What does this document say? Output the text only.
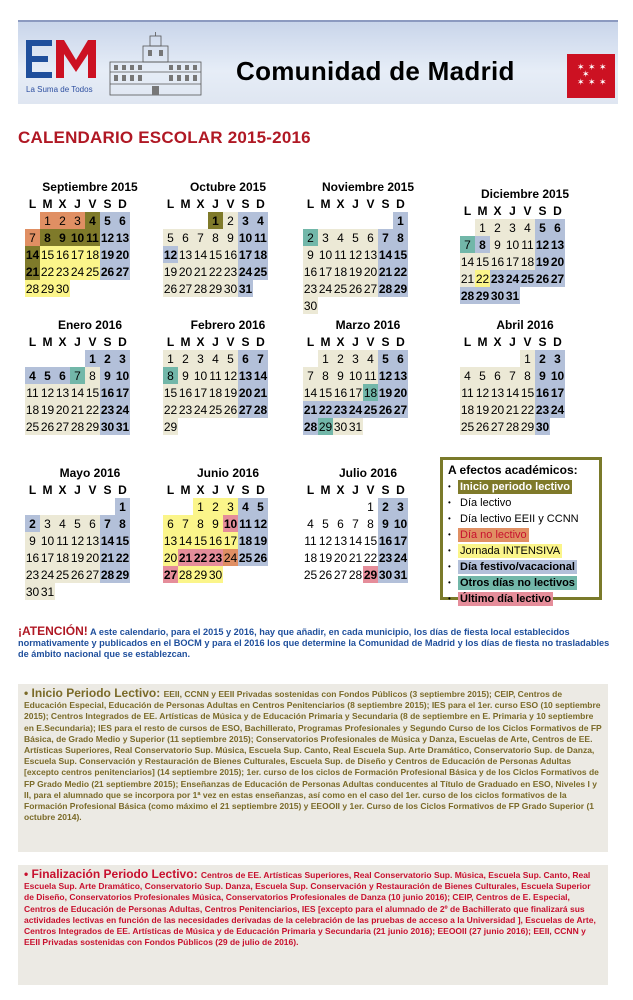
La Suma de Todos
Comunidad de Madrid	✶ ✶ ✶
✶ ✶ ✶
✶
CALENDARIO ESCOLAR 2015-2016
Septiembre 2015
L M X J V S D
1 2 3 4 5 6
7 8 9 10 11 12 13
14 15 16 17 18 19 20
21 22 23 24 25 26 27
28 29 30
Octubre 2015
L M X J V S D
1 2 3 4
5 6 7 8 9 10 11
12 13 14 15 16 17 18
19 20 21 22 23 24 25
26 27 28 29 30 31
Noviembre 2015
L M X J V S D
1
2 3 4 5 6 7 8
9 10 11 12 13 14 15
16 17 18 19 20 21 22
23 24 25 26 27 28 29
30
Diciembre 2015
L M X J V S D
1 2 3 4 5 6
7 8 9 10 11 12 13
14 15 16 17 18 19 20
21 22 23 24 25 26 27
28 29 30 31
Enero 2016
L M X J V S D
1 2 3
4 5 6 7 8 9 10
11 12 13 14 15 16 17
18 19 20 21 22 23 24
25 26 27 28 29 30 31
Febrero 2016
L M X J V S D
1 2 3 4 5 6 7
8 9 10 11 12 13 14
15 16 17 18 19 20 21
22 23 24 25 26 27 28
29
Marzo 2016
L M X J V S D
1 2 3 4 5 6
7 8 9 10 11 12 13
14 15 16 17 18 19 20
21 22 23 24 25 26 27
28 29 30 31
Abril 2016
L M X J V S D
1 2 3
4 5 6 7 8 9 10
11 12 13 14 15 16 17
18 19 20 21 22 23 24
25 26 27 28 29 30
Mayo 2016
L M X J V S D
1
2 3 4 5 6 7 8
9 10 11 12 13 14 15
16 17 18 19 20 21 22
23 24 25 26 27 28 29
30 31
Junio 2016
L M X J V S D
1 2 3 4 5
6 7 8 9 10 11 12
13 14 15 16 17 18 19
20 21 22 23 24 25 26
27 28 29 30
Julio 2016
L M X J V S D
1 2 3
4 5 6 7 8 9 10
11 12 13 14 15 16 17
18 19 20 21 22 23 24
25 26 27 28 29 30 31
A efectos académicos:
• Inicio periodo lectivo
• Día lectivo
• Día lectivo EEII y CCNN
• Día no lectivo
• Jornada INTENSIVA
• Día festivo/vacacional
• Otros días no lectivos
• Último día lectivo
¡ATENCIÓN! A este calendario, para el 2015 y 2016, hay que añadir, en cada municipio, los días de fiesta local establecidos normativamente y publicados en el BOCM y para el 2016 los que determine la Comunidad de Madrid y los días de fiesta no trasladables de ámbito nacional que se establezcan.
• Inicio Periodo Lectivo: EEII, CCNN y EEII Privadas sostenidas con Fondos Públicos (3 septiembre 2015); CEIP, Centros de Educación Especial, Educación de Personas Adultas en Centros Penitenciarios (8 septiembre 2015); IES para el 1er. curso ESO (10 septiembre 2015); Centros Integrados de EE. Artísticas de Música y de Educación Primaria y Secundaria (8 de septiembre en E. Primaria y 10 septiembre en E.Secundaria); IES para el resto de cursos de ESO, Bachillerato, Programas Profesionales y Segundo Curso de los Ciclos Formativos de FP Básica, de Grado Medio y Superior (11 septiembre 2015); Conservatorios Profesionales de Música y Danza, Escuelas de Arte, Centros de EE. Artísticas Superiores, Real Conservatorio Sup. Música, Escuela Sup. Canto, Real Escuela Sup. Arte Dramático, Conservatorio Sup. de Danza, Escuela Sup. Conservación y Restauración de Bienes Culturales, Escuela Sup. de Diseño y Centros de Educación de Personas Adultas [excepto centros penitenciarios] (14 septiembre 2015); 1er. curso de los ciclos de Formación Profesional Básica y de los Ciclos Formativos de FP Grado Medio (21 septiembre 2015); Enseñanzas de Educación de Personas Adultas conducentes al Título de Graduado en ESO, Niveles I y II, para el alumnado que se incorpora por 1ª vez en estas enseñanzas, así como en el caso del 1er. curso de los ciclos formativos de la Formación Profesional Básica (como máximo el 21 septiembre 2015) y EEOOII y 1er. Curso de los Ciclos Formativos de FP Grado Superior (1 octubre 2014).
• Finalización Periodo Lectivo: Centros de EE. Artísticas Superiores, Real Conservatorio Sup. Música, Escuela Sup. Canto, Real Escuela Sup. Arte Dramático, Conservatorio Sup. Danza, Escuela Sup. Conservación y Restauración de Bienes Culturales, Escuela Superior de Diseño, Conservatorios Profesionales Música, Conservatorios Profesionales de Danza (10 junio 2016); CEIP, Centros de E. Especial, Centros de Educación de Personas Adultas, Centros Penitenciarios, IES [excepto para el alumnado de 2º de Bachillerato que finalizará sus actividades lectivas en función de las necesidades derivadas de la celebración de las pruebas de acceso a la Universidad ], Escuelas de Arte, Centros Integrados de EE. Artísticas de Música y de Educación Primaria y Secundaria (21 junio 2016); EEOOII (27 junio 2016); EEII, CCNN y EEII Privadas sostenidas con Fondos Públicos (29 de julio de 2016).
